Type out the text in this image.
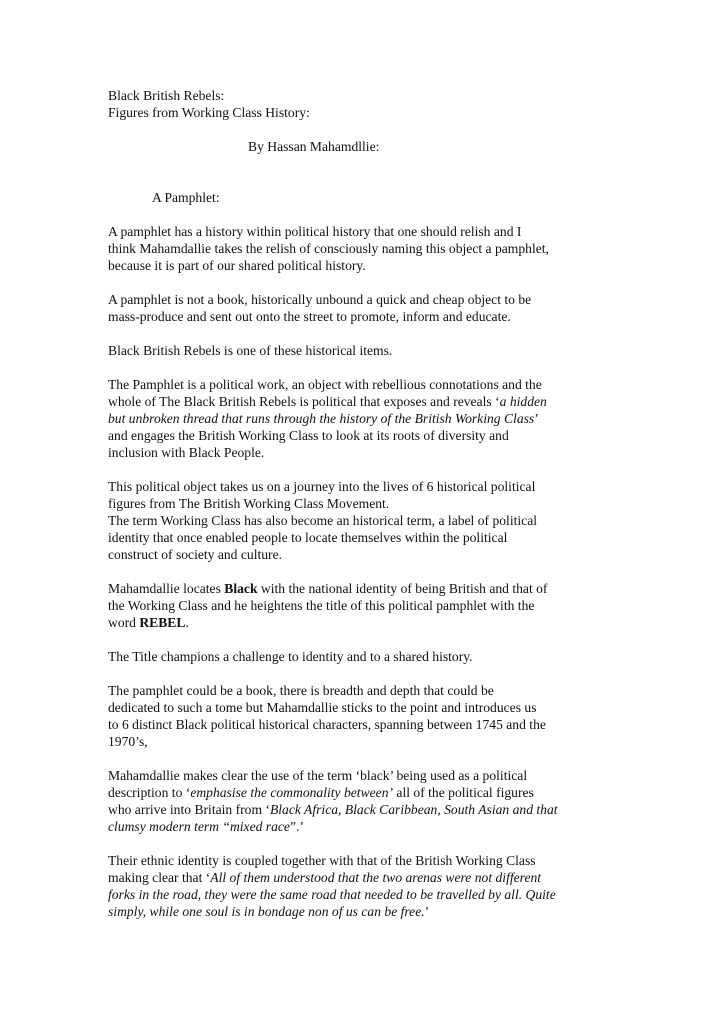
Black British Rebels:
Figures from Working Class History:
By Hassan Mahamdllie:
A Pamphlet:
A pamphlet has a history within political history that one should relish and I
think Mahamdallie takes the relish of consciously naming this object a pamphlet,
because it is part of our shared political history.
A pamphlet is not a book, historically unbound a quick and cheap object to be
mass-produce and sent out onto the street to promote, inform and educate.
Black British Rebels is one of these historical items.
The Pamphlet is a political work, an object with rebellious connotations and the
whole of The Black British Rebels is political that exposes and reveals ‘a hidden
but unbroken thread that runs through the history of the British Working Class’
and engages the British Working Class to look at its roots of diversity and
inclusion with Black People.
This political object takes us on a journey into the lives of 6 historical political
figures from The British Working Class Movement.
The term Working Class has also become an historical term, a label of political
identity that once enabled people to locate themselves within the political
construct of society and culture.
Mahamdallie locates Black with the national identity of being British and that of
the Working Class and he heightens the title of this political pamphlet with the
word REBEL.
The Title champions a challenge to identity and to a shared history.
The pamphlet could be a book, there is breadth and depth that could be
dedicated to such a tome but Mahamdallie sticks to the point and introduces us
to 6 distinct Black political historical characters, spanning between 1745 and the
1970’s,
Mahamdallie makes clear the use of the term ‘black’ being used as a political
description to ‘emphasise the commonality between’ all of the political figures
who arrive into Britain from ‘Black Africa, Black Caribbean, South Asian and that
clumsy modern term “mixed race”.’
Their ethnic identity is coupled together with that of the British Working Class
making clear that ‘All of them understood that the two arenas were not different
forks in the road, they were the same road that needed to be travelled by all. Quite
simply, while one soul is in bondage non of us can be free.’
